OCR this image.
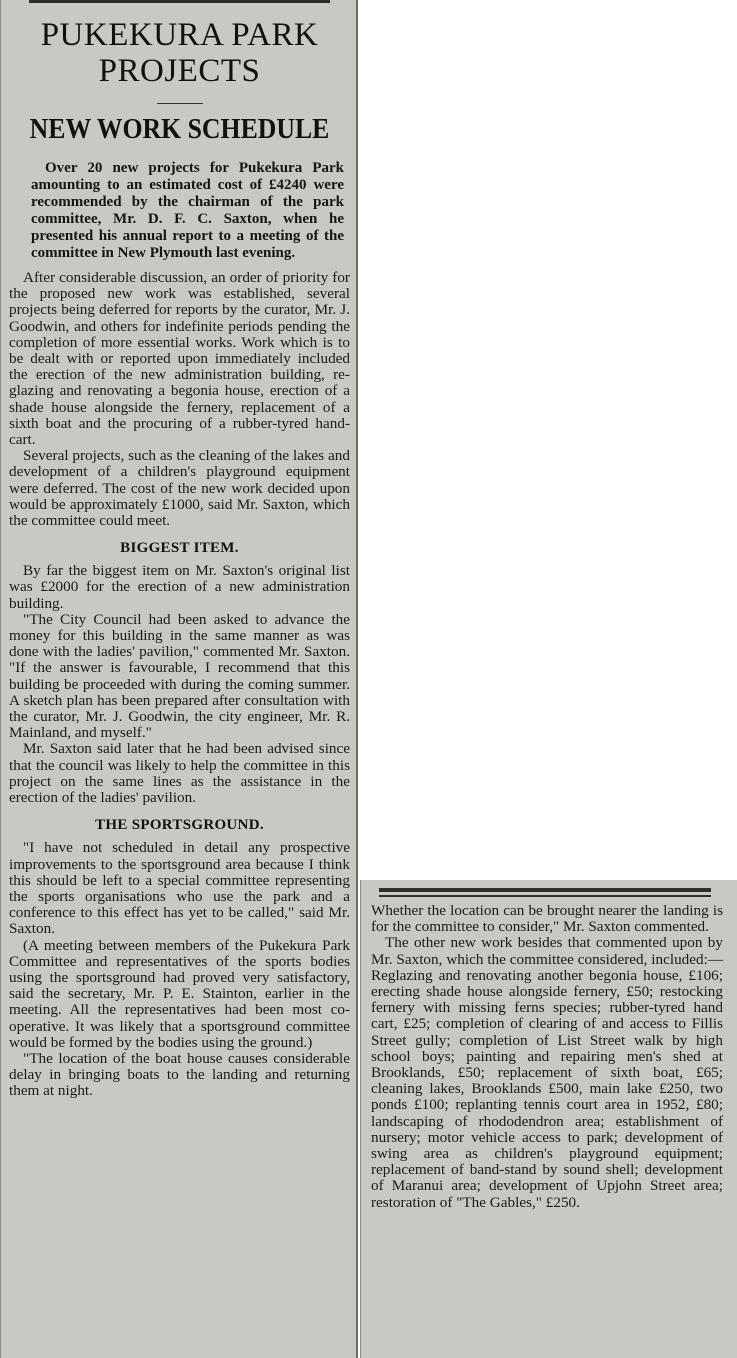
PUKEKURA PARK PROJECTS
NEW WORK SCHEDULE

Over 20 new projects for Pukekura Park amounting to an estimated cost of £4240 were recommended by the chairman of the park committee, Mr. D. F. C. Saxton, when he presented his annual report to a meeting of the committee in New Plymouth last evening.

After considerable discussion, an order of priority for the proposed new work was established, several projects being deferred for reports by the curator, Mr. J. Goodwin, and others for indefinite periods pending the completion of more essential works. Work which is to be dealt with or reported upon immediately included the erection of the new administration building, re-glazing and renovating a begonia house, erection of a shade house alongside the fernery, replacement of a sixth boat and the procuring of a rubber-tyred hand-cart.

Several projects, such as the cleaning of the lakes and development of a children's playground equipment were deferred. The cost of the new work decided upon would be approximately £1000, said Mr. Saxton, which the committee could meet.

BIGGEST ITEM.

By far the biggest item on Mr. Saxton's original list was £2000 for the erection of a new administration building.

"The City Council had been asked to advance the money for this building in the same manner as was done with the ladies' pavilion," commented Mr. Saxton. "If the answer is favourable, I recommend that this building be proceeded with during the coming summer. A sketch plan has been prepared after consultation with the curator, Mr. J. Goodwin, the city engineer, Mr. R. Mainland, and myself."

Mr. Saxton said later that he had been advised since that the council was likely to help the committee in this project on the same lines as the assistance in the erection of the ladies' pavilion.

THE SPORTSGROUND.

"I have not scheduled in detail any prospective improvements to the sportsground area because I think this should be left to a special committee representing the sports organisations who use the park and a conference to this effect has yet to be called," said Mr. Saxton.

(A meeting between members of the Pukekura Park Committee and representatives of the sports bodies using the sportsground had proved very satisfactory, said the secretary, Mr. P. E. Stainton, earlier in the meeting. All the representatives had been most co-operative. It was likely that a sportsground committee would be formed by the bodies using the ground.)

"The location of the boat house causes considerable delay in bringing boats to the landing and returning them at night.

Whether the location can be brought nearer the landing is for the committee to consider," Mr. Saxton commented.

The other new work besides that commented upon by Mr. Saxton, which the committee considered, included:—Reglazing and renovating another begonia house, £106; erecting shade house alongside fernery, £50; restocking fernery with missing ferns species; rubber-tyred hand cart, £25; completion of clearing of and access to Fillis Street gully; completion of List Street walk by high school boys; painting and repairing men's shed at Brooklands, £50; replacement of sixth boat, £65; cleaning lakes, Brooklands £500, main lake £250, two ponds £100; replanting tennis court area in 1952, £80; landscaping of rhododendron area; establishment of nursery; motor vehicle access to park; development of swing area as children's playground equipment; replacement of band-stand by sound shell; development of Maranui area; development of Upjohn Street area; restoration of "The Gables," £250.
